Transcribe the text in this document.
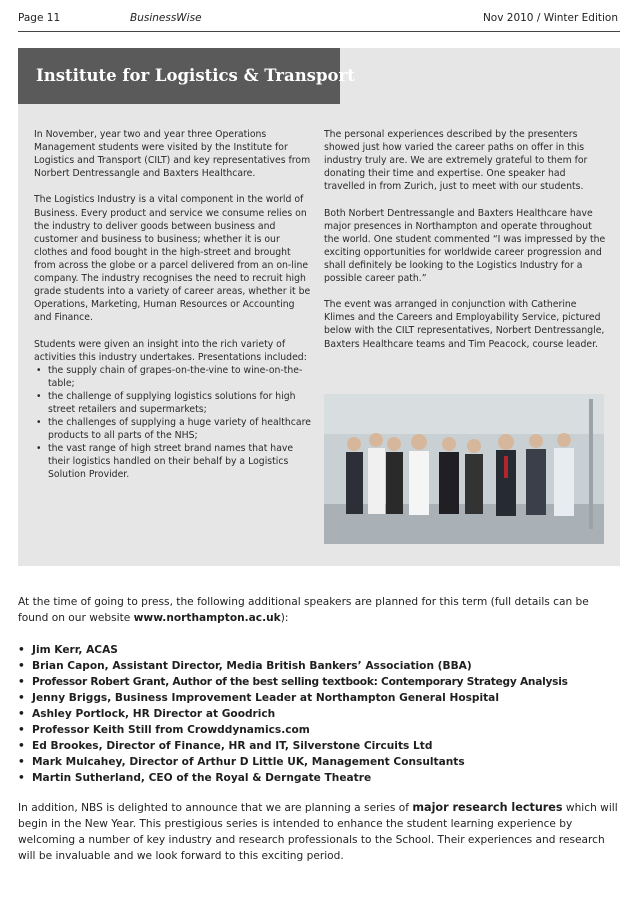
Page 11	BusinessWise	Nov 2010 / Winter Edition
Institute for Logistics & Transport

In November, year two and year three Operations Management students were visited by the Institute for Logistics and Transport (CILT) and key representatives from Norbert Dentressangle and Baxters Healthcare.

The Logistics Industry is a vital component in the world of Business. Every product and service we consume relies on the industry to deliver goods between business and customer and business to business; whether it is our clothes and food bought in the high-street and brought from across the globe or a parcel delivered from an on-line company. The industry recognises the need to recruit high grade students into a variety of career areas, whether it be Operations, Marketing, Human Resources or Accounting and Finance.

Students were given an insight into the rich variety of activities this industry undertakes. Presentations included:

• the supply chain of grapes-on-the-vine to wine-on-the-table;
• the challenge of supplying logistics solutions for high street retailers and supermarkets;
• the challenges of supplying a huge variety of healthcare products to all parts of the NHS;
• the vast range of high street brand names that have their logistics handled on their behalf by a Logistics Solution Provider.

The personal experiences described by the presenters showed just how varied the career paths on offer in this industry truly are. We are extremely grateful to them for donating their time and expertise. One speaker had travelled in from Zurich, just to meet with our students.

Both Norbert Dentressangle and Baxters Healthcare have major presences in Northampton and operate throughout the world. One student commented “I was impressed by the exciting opportunities for worldwide career progression and shall definitely be looking to the Logistics Industry for a possible career path.”

The event was arranged in conjunction with Catherine Klimes and the Careers and Employability Service, pictured below with the CILT representatives, Norbert Dentressangle, Baxters Healthcare teams and Tim Peacock, course leader.

At the time of going to press, the following additional speakers are planned for this term (full details can be found on our website www.northampton.ac.uk):

• Jim Kerr, ACAS
• Brian Capon, Assistant Director, Media British Bankers’ Association (BBA)
• Professor Robert Grant, Author of the best selling textbook: Contemporary Strategy Analysis
• Jenny Briggs, Business Improvement Leader at Northampton General Hospital
• Ashley Portlock, HR Director at Goodrich
• Professor Keith Still from Crowddynamics.com
• Ed Brookes, Director of Finance, HR and IT, Silverstone Circuits Ltd
• Mark Mulcahey, Director of Arthur D Little UK, Management Consultants
• Martin Sutherland, CEO of the Royal & Derngate Theatre

In addition, NBS is delighted to announce that we are planning a series of major research lectures which will begin in the New Year. This prestigious series is intended to enhance the student learning experience by welcoming a number of key industry and research professionals to the School. Their experiences and research will be invaluable and we look forward to this exciting period.
